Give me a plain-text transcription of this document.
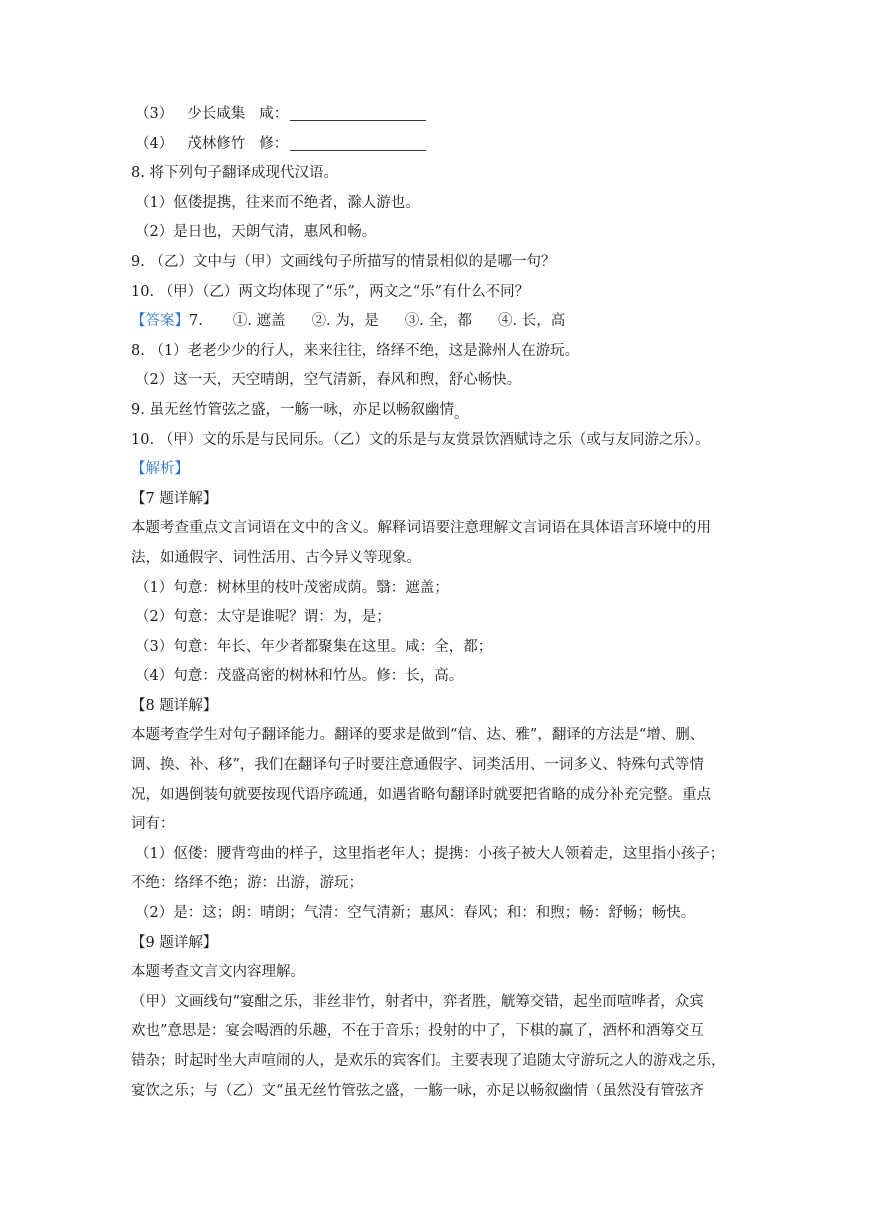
（3） 少长咸集 咸：
（4） 茂林修竹 修：
8. 将下列句子翻译成现代汉语。
（1）伛偻提携，往来而不绝者，滁人游也。
（2）是日也，天朗气清，惠风和畅。
9. （乙）文中与（甲）文画线句子所描写的情景相似的是哪一句？
10. （甲）（乙）两文均体现了“乐”，两文之“乐”有什么不同？
【答案】7. ①. 遮盖 ②. 为，是 ③. 全，都 ④. 长，高
8. （1）老老少少的行人，来来往往，络绎不绝，这是滁州人在游玩。
（2）这一天，天空晴朗，空气清新，春风和煦，舒心畅快。
9. 虽无丝竹管弦之盛，一觞一咏，亦足以畅叙幽情。
10. （甲）文的乐是与民同乐。（乙）文的乐是与友赏景饮酒赋诗之乐（或与友同游之乐）。
【解析】
【7 题详解】
本题考查重点文言词语在文中的含义。解释词语要注意理解文言词语在具体语言环境中的用
法，如通假字、词性活用、古今异义等现象。
（1）句意：树林里的枝叶茂密成荫。翳：遮盖；
（2）句意：太守是谁呢？谓：为，是；
（3）句意：年长、年少者都聚集在这里。咸：全，都；
（4）句意：茂盛高密的树林和竹丛。修：长，高。
【8 题详解】
本题考查学生对句子翻译能力。翻译的要求是做到“信、达、雅”，翻译的方法是“增、删、
调、换、补、移”，我们在翻译句子时要注意通假字、词类活用、一词多义、特殊句式等情
况，如遇倒装句就要按现代语序疏通，如遇省略句翻译时就要把省略的成分补充完整。重点
词有：
（1）伛偻：腰背弯曲的样子，这里指老年人；提携：小孩子被大人领着走，这里指小孩子；
不绝：络绎不绝；游：出游，游玩；
（2）是：这；朗：晴朗；气清：空气清新；惠风：春风；和：和煦；畅：舒畅；畅快。
【9 题详解】
本题考查文言文内容理解。
（甲）文画线句“宴酣之乐，非丝非竹，射者中，弈者胜，觥筹交错，起坐而喧哗者，众宾
欢也”意思是：宴会喝酒的乐趣，不在于音乐；投射的中了，下棋的赢了，酒杯和酒筹交互
错杂；时起时坐大声喧闹的人，是欢乐的宾客们。主要表现了追随太守游玩之人的游戏之乐，
宴饮之乐；与（乙）文“虽无丝竹管弦之盛，一觞一咏，亦足以畅叙幽情（虽然没有管弦齐
